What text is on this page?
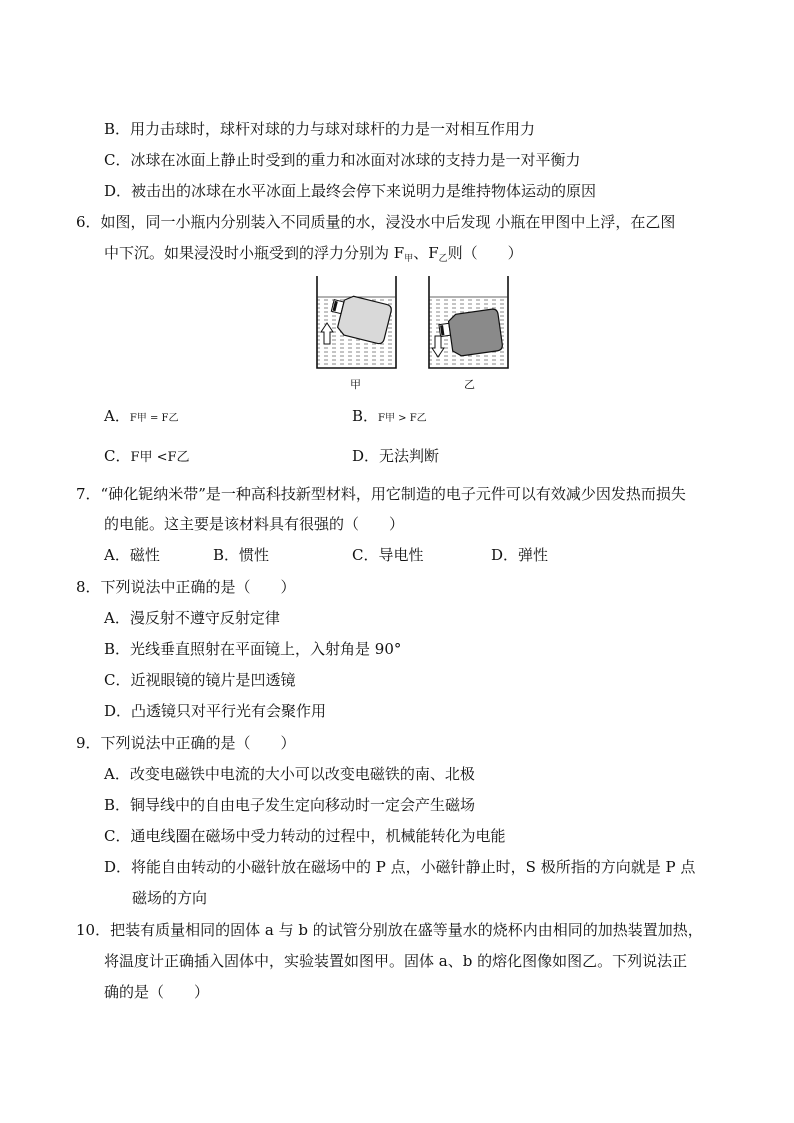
B．用力击球时，球杆对球的力与球对球杆的力是一对相互作用力
C．冰球在冰面上静止时受到的重力和冰面对冰球的支持力是一对平衡力
D．被击出的冰球在水平冰面上最终会停下来说明力是维持物体运动的原因
6．如图，同一小瓶内分别装入不同质量的水，浸没水中后发现 小瓶在甲图中上浮，在乙图
中下沉。如果浸没时小瓶受到的浮力分别为 $F_甲$、$F_乙$则（　　）
甲	乙
A．F甲 = F乙	B．F甲 > F乙
C．F甲 <F乙	D．无法判断
7．“砷化铌纳米带”是一种高科技新型材料，用它制造的电子元件可以有效减少因发热而损失
的电能。这主要是该材料具有很强的（　　）
A．磁性	B．惯性	C．导电性	D．弹性
8．下列说法中正确的是（　　）
A．漫反射不遵守反射定律
B．光线垂直照射在平面镜上，入射角是 90°
C．近视眼镜的镜片是凹透镜
D．凸透镜只对平行光有会聚作用
9．下列说法中正确的是（　　）
A．改变电磁铁中电流的大小可以改变电磁铁的南、北极
B．铜导线中的自由电子发生定向移动时一定会产生磁场
C．通电线圈在磁场中受力转动的过程中，机械能转化为电能
D．将能自由转动的小磁针放在磁场中的 P 点，小磁针静止时，S 极所指的方向就是 P 点
磁场的方向
10．把装有质量相同的固体 a 与 b 的试管分别放在盛等量水的烧杯内由相同的加热装置加热，
将温度计正确插入固体中，实验装置如图甲。固体 a、b 的熔化图像如图乙。下列说法正
确的是（　　）
